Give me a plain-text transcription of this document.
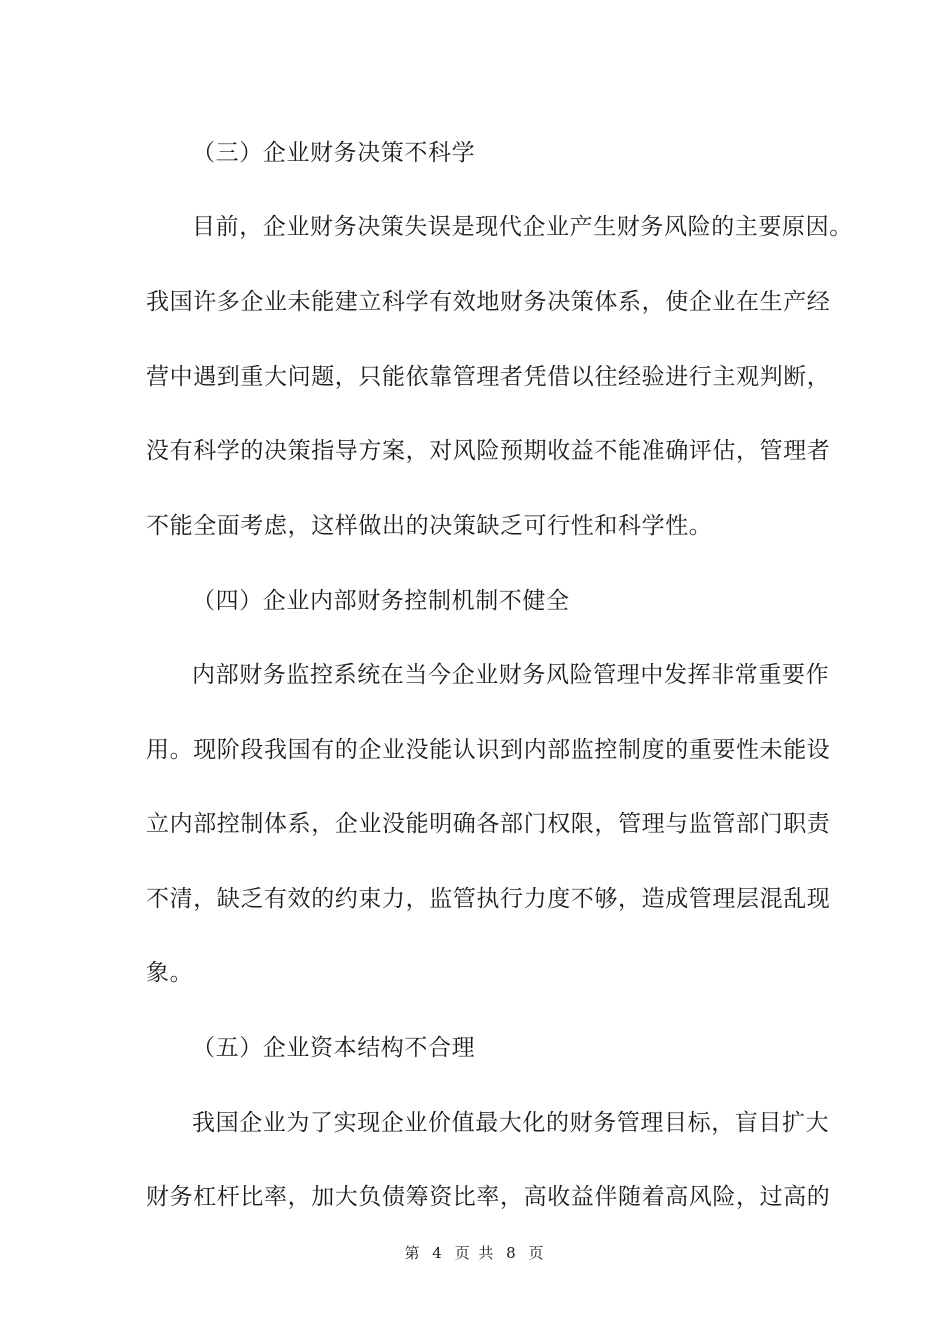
（三）企业财务决策不科学
目前，企业财务决策失误是现代企业产生财务风险的主要原因。
我国许多企业未能建立科学有效地财务决策体系，使企业在生产经
营中遇到重大问题，只能依靠管理者凭借以往经验进行主观判断，
没有科学的决策指导方案，对风险预期收益不能准确评估，管理者
不能全面考虑，这样做出的决策缺乏可行性和科学性。
（四）企业内部财务控制机制不健全
内部财务监控系统在当今企业财务风险管理中发挥非常重要作
用。现阶段我国有的企业没能认识到内部监控制度的重要性未能设
立内部控制体系，企业没能明确各部门权限，管理与监管部门职责
不清，缺乏有效的约束力，监管执行力度不够，造成管理层混乱现
象。
（五）企业资本结构不合理
我国企业为了实现企业价值最大化的财务管理目标，盲目扩大
财务杠杆比率，加大负债筹资比率，高收益伴随着高风险，过高的
第 4 页 共 8 页
